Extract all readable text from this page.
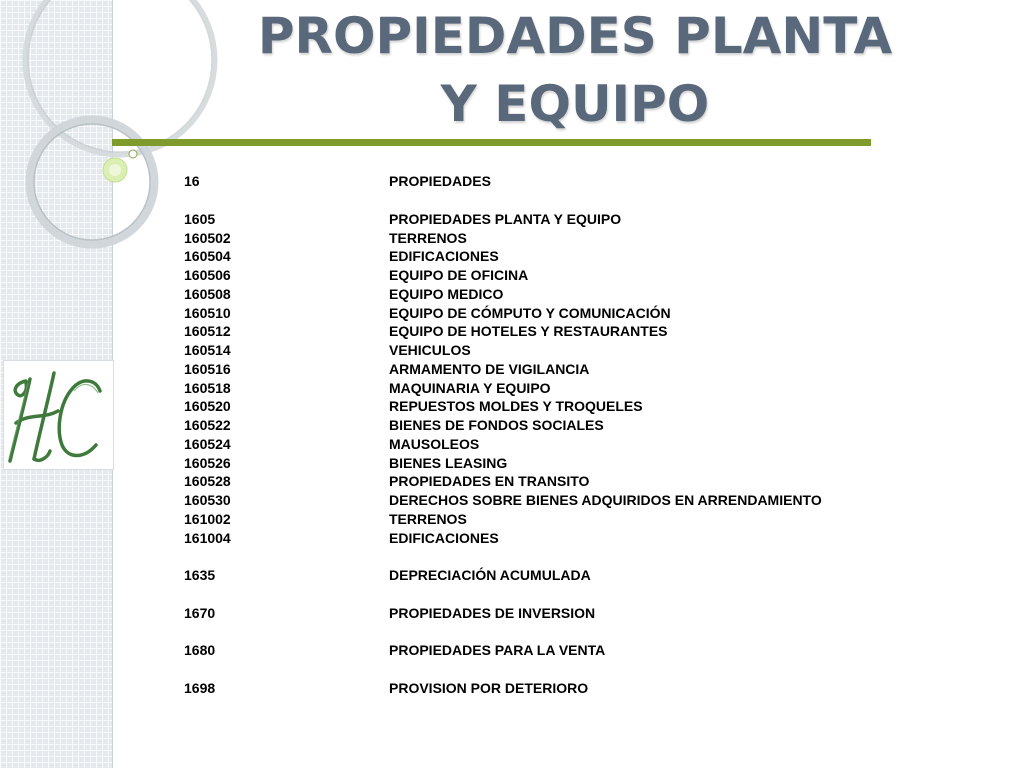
PROPIEDADES PLANTA
Y EQUIPO
16	PROPIEDADES
1605	PROPIEDADES PLANTA Y EQUIPO
160502	TERRENOS
160504	EDIFICACIONES
160506	EQUIPO DE OFICINA
160508	EQUIPO MEDICO
160510	EQUIPO DE CÓMPUTO Y COMUNICACIÓN
160512	EQUIPO DE HOTELES Y RESTAURANTES
160514	VEHICULOS
160516	ARMAMENTO DE VIGILANCIA
160518	MAQUINARIA Y EQUIPO
160520	REPUESTOS MOLDES Y TROQUELES
160522	BIENES DE FONDOS SOCIALES
160524	MAUSOLEOS
160526	BIENES LEASING
160528	PROPIEDADES EN TRANSITO
160530	DERECHOS SOBRE BIENES ADQUIRIDOS EN ARRENDAMIENTO
161002	TERRENOS
161004	EDIFICACIONES
1635	DEPRECIACIÓN ACUMULADA
1670	PROPIEDADES DE INVERSION
1680	PROPIEDADES PARA LA VENTA
1698	PROVISION POR DETERIORO
